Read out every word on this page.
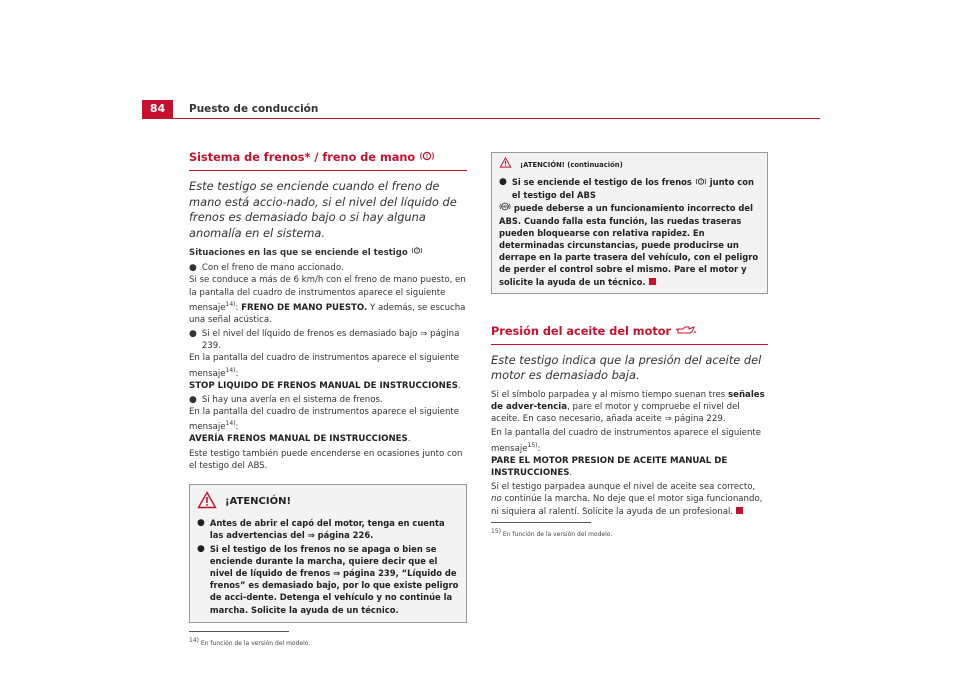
84	Puesto de conducción
Sistema de frenos* / freno de mano !
Este testigo se enciende cuando el freno de mano está accio-nado, si el nivel del líquido de frenos es demasiado bajo o si hay alguna anomalía en el sistema.
Situaciones en las que se enciende el testigo !
● Con el freno de mano accionado.

Si se conduce a más de 6 km/h con el freno de mano puesto, en la pantalla del cuadro de instrumentos aparece el siguiente mensaje$^{14)}$: FRENO DE MANO PUESTO. Y además, se escucha una señal acústica.

● Si el nivel del líquido de frenos es demasiado bajo ⇒ página 239.

En la pantalla del cuadro de instrumentos aparece el siguiente mensaje$^{14)}$:
STOP LIQUIDO DE FRENOS MANUAL DE INSTRUCCIONES.

● Si hay una avería en el sistema de frenos.

En la pantalla del cuadro de instrumentos aparece el siguiente mensaje$^{14)}$:
AVERÍA FRENOS MANUAL DE INSTRUCCIONES.

Este testigo también puede encenderse en ocasiones junto con el testigo del ABS.

¡ATENCIÓN!
● Antes de abrir el capó del motor, tenga en cuenta las advertencias del ⇒ página 226.
● Si el testigo de los frenos no se apaga o bien se enciende durante la marcha, quiere decir que el nivel de líquido de frenos ⇒ página 239, “Líquido de frenos” es demasiado bajo, por lo que existe peligro de acci-dente. Detenga el vehículo y no continúe la marcha. Solicite la ayuda de un técnico.
$^{14)}$ En función de la versión del modelo.
¡ATENCIÓN! (continuación)
● Si se enciende el testigo de los frenos ! junto con el testigo del ABS
ABS puede deberse a un funcionamiento incorrecto del ABS. Cuando falla esta función, las ruedas traseras pueden bloquearse con relativa rapidez. En determinadas circunstancias, puede producirse un derrape en la parte trasera del vehículo, con el peligro de perder el control sobre el mismo. Pare el motor y solicite la ayuda de un técnico.
Presión del aceite del motor
Este testigo indica que la presión del aceite del motor es demasiado baja.

Si el símbolo parpadea y al mismo tiempo suenan tres señales de adver-tencia, pare el motor y compruebe el nivel del aceite. En caso necesario, añada aceite ⇒ página 229.

En la pantalla del cuadro de instrumentos aparece el siguiente mensaje$^{15)}$:
PARE EL MOTOR PRESION DE ACEITE MANUAL DE INSTRUCCIONES.

Si el testigo parpadea aunque el nivel de aceite sea correcto, no continúe la marcha. No deje que el motor siga funcionando, ni siquiera al ralentí. Solicite la ayuda de un profesional.

$^{15)}$ En función de la versión del modelo.
